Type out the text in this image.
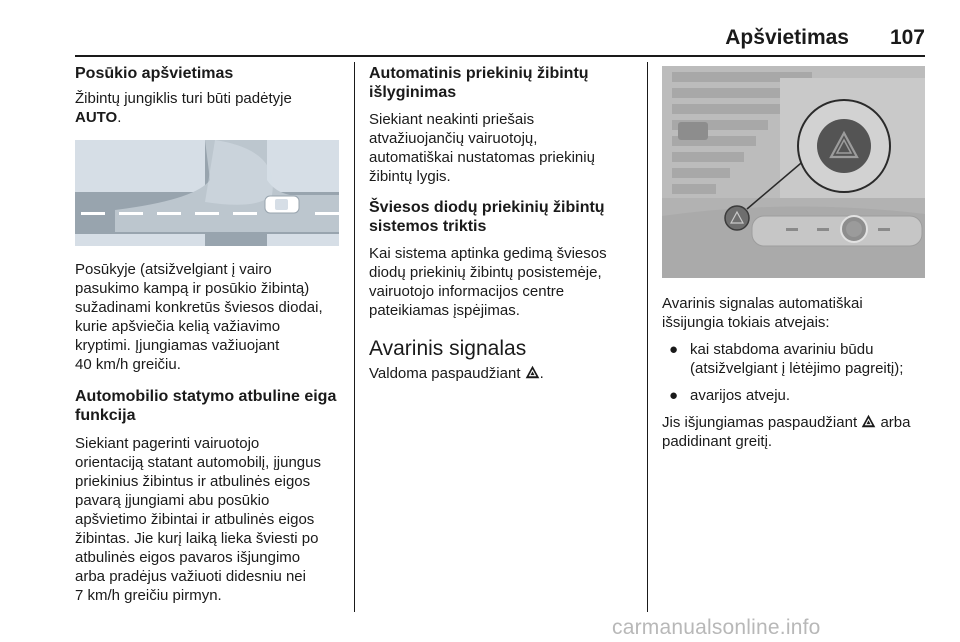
Apšvietimas 107
Posūkio apšvietimas

Žibintų jungiklis turi būti padėtyje
AUTO.

Posūkyje (atsižvelgiant į vairo
pasukimo kampą ir posūkio žibintą)
sužadinami konkretūs šviesos diodai,
kurie apšviečia kelią važiavimo
kryptimi. Įjungiamas važiuojant
40 km/h greičiu.

Automobilio statymo atbuline eiga
funkcija

Siekiant pagerinti vairuotojo
orientaciją statant automobilį, įjungus
priekinius žibintus ir atbulinės eigos
pavarą įjungiami abu posūkio
apšvietimo žibintai ir atbulinės eigos
žibintas. Jie kurį laiką lieka šviesti po
atbulinės eigos pavaros išjungimo
arba pradėjus važiuoti didesniu nei
7 km/h greičiu pirmyn.

Automatinis priekinių žibintų
išlyginimas

Siekiant neakinti priešais
atvažiuojančių vairuotojų,
automatiškai nustatomas priekinių
žibintų lygis.

Šviesos diodų priekinių žibintų
sistemos triktis

Kai sistema aptinka gedimą šviesos
diodų priekinių žibintų posistemėje,
vairuotojo informacijos centre
pateikiamas įspėjimas.

Avarinis signalas

Valdoma paspaudžiant .

Avarinis signalas automatiškai
išsijungia tokiais atvejais:

● kai stabdoma avariniu būdu
(atsižvelgiant į lėtėjimo pagreitį);
● avarijos atveju.

Jis išjungiamas paspaudžiant arba
padidinant greitį.

carmanualsonline.info
